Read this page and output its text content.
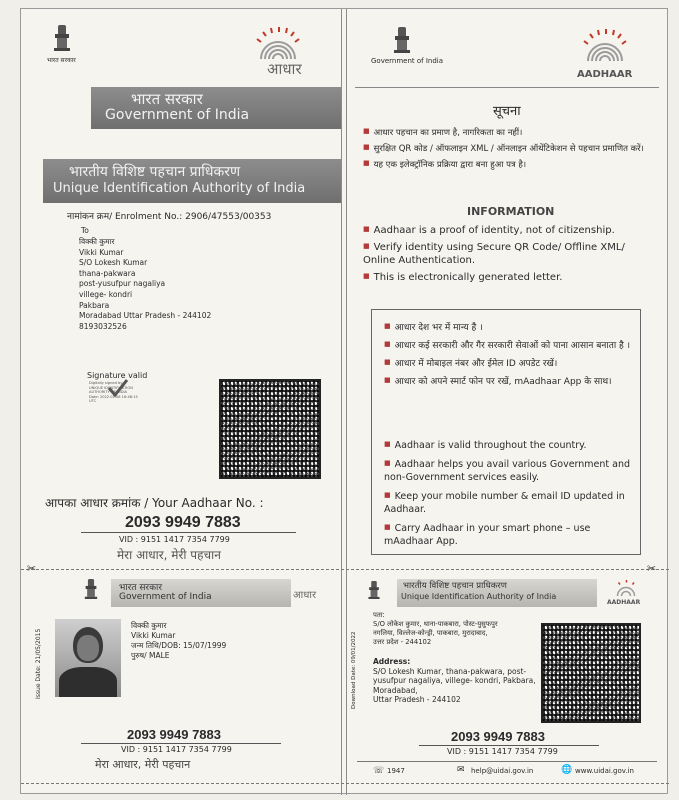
भारत सरकार	आधार
भारत सरकार
Government of India
भारतीय विशिष्ट पहचान प्राधिकरण
Unique Identification Authority of India
नामांकन क्रम/ Enrolment No.: 2906/47553/00353
To
विक्की कुमार
Vikki Kumar
S/O Lokesh Kumar
thana-pakwara
post-yusufpur nagaliya
villege- kondri
Pakbara
Moradabad Uttar Pradesh - 244102
8193032526
Signature valid
Digitally signed by
UNIQUE IDENTIFICATION
AUTHORITY OF INDIA
Date: 2022.01.08 16:46:15
UTC
आपका आधार क्रमांक / Your Aadhaar No. :
2093 9949 7883
VID : 9151 1417 7354 7799
मेरा आधार, मेरी पहचान
✂	✂
Government of India
AADHAAR
सूचना
■ आधार पहचान का प्रमाण है, नागरिकता का नहीं।
■ सुरक्षित QR कोड / ऑफलाइन XML / ऑनलाइन ऑथेंटिकेशन से पहचान प्रमाणित करें।
■ यह एक इलेक्ट्रॉनिक प्रक्रिया द्वारा बना हुआ पत्र है।
INFORMATION
■ Aadhaar is a proof of identity, not of citizenship.
■ Verify identity using Secure QR Code/ Offline XML/ Online Authentication.
■ This is electronically generated letter.
■ आधार देश भर में मान्य है ।
■ आधार कई सरकारी और गैर सरकारी सेवाओं को पाना आसान बनाता है ।
■ आधार में मोबाइल नंबर और ईमेल ID अपडेट रखें।
■ आधार को अपने स्मार्ट फोन पर रखें, mAadhaar App के साथ।
■ Aadhaar is valid throughout the country.
■ Aadhaar helps you avail various Government and non-Government services easily.
■ Keep your mobile number & email ID updated in Aadhaar.
■ Carry Aadhaar in your smart phone – use mAadhaar App.
भारत सरकार
Government of India	आधार
Issue Date: 21/05/2015
विक्की कुमार
Vikki Kumar
जन्म तिथि/DOB: 15/07/1999
पुरुष/ MALE
2093 9949 7883
VID : 9151 1417 7354 7799
मेरा आधार, मेरी पहचान
भारतीय विशिष्ट पहचान प्राधिकरण
Unique Identification Authority of India
AADHAAR
Download Date: 09/01/2022
पता:
S/O लोकेश कुमार, थाना-पाकबारा, पोस्ट-युसुफपुर
नगलिया, विल्लेज-कोन्ड्री, पाकबारा, मुरादाबाद,
उत्तर प्रदेश - 244102
Address:
S/O Lokesh Kumar, thana-pakwara, post-
yusufpur nagaliya, villege- kondri, Pakbara,
Moradabad,
Uttar Pradesh - 244102
2093 9949 7883
VID : 9151 1417 7354 7799
☏ 1947	✉ help@uidai.gov.in	🌐 www.uidai.gov.in
